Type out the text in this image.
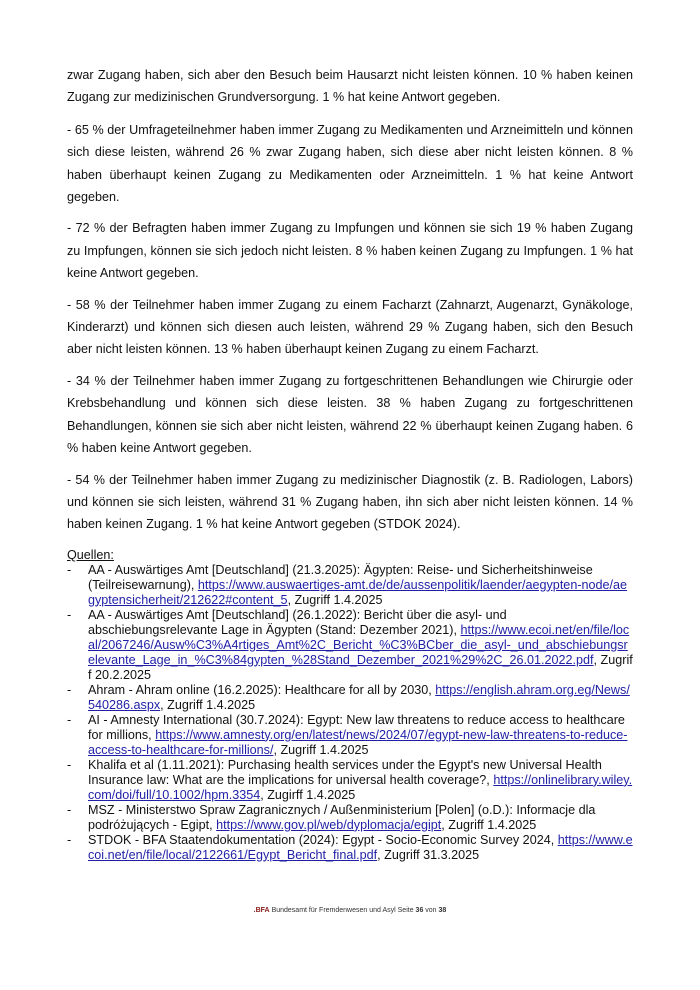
zwar Zugang haben, sich aber den Besuch beim Hausarzt nicht leisten können. 10 % haben keinen Zugang zur medizinischen Grundversorgung. 1 % hat keine Antwort gegeben.

- 65 % der Umfrageteilnehmer haben immer Zugang zu Medikamenten und Arzneimitteln und können sich diese leisten, während 26 % zwar Zugang haben, sich diese aber nicht leisten können. 8 % haben überhaupt keinen Zugang zu Medikamenten oder Arzneimitteln. 1 % hat keine Antwort gegeben.

- 72 % der Befragten haben immer Zugang zu Impfungen und können sie sich 19 % haben Zugang zu Impfungen, können sie sich jedoch nicht leisten. 8 % haben keinen Zugang zu Impfungen. 1 % hat keine Antwort gegeben.

- 58 % der Teilnehmer haben immer Zugang zu einem Facharzt (Zahnarzt, Augenarzt, Gynäkologe, Kinderarzt) und können sich diesen auch leisten, während 29 % Zugang haben, sich den Besuch aber nicht leisten können. 13 % haben überhaupt keinen Zugang zu einem Facharzt.

- 34 % der Teilnehmer haben immer Zugang zu fortgeschrittenen Behandlungen wie Chirurgie oder Krebsbehandlung und können sich diese leisten. 38 % haben Zugang zu fortgeschrittenen Behandlungen, können sie sich aber nicht leisten, während 22 % überhaupt keinen Zugang haben. 6 % haben keine Antwort gegeben.

- 54 % der Teilnehmer haben immer Zugang zu medizinischer Diagnostik (z. B. Radiologen, Labors) und können sie sich leisten, während 31 % Zugang haben, ihn sich aber nicht leisten können. 14 % haben keinen Zugang. 1 % hat keine Antwort gegeben (STDOK 2024).

Quellen:
- AA - Auswärtiges Amt [Deutschland] (21.3.2025): Ägypten: Reise- und Sicherheitshinweise (Teilreisewarnung), https://www.auswaertiges-amt.de/de/aussenpolitik/laender/aegypten-node/aegyptensicherheit/212622#content_5, Zugriff 1.4.2025
- AA - Auswärtiges Amt [Deutschland] (26.1.2022): Bericht über die asyl- und abschiebungsrelevante Lage in Ägypten (Stand: Dezember 2021), https://www.ecoi.net/en/file/local/2067246/Ausw%C3%A4rtiges_Amt%2C_Bericht_%C3%BCber_die_asyl-_und_abschiebungsrelevante_Lage_in_%C3%84gypten_%28Stand_Dezember_2021%29%2C_26.01.2022.pdf, Zugriff 20.2.2025
- Ahram - Ahram online (16.2.2025): Healthcare for all by 2030, https://english.ahram.org.eg/News/540286.aspx, Zugriff 1.4.2025
- AI - Amnesty International (30.7.2024): Egypt: New law threatens to reduce access to healthcare for millions, https://www.amnesty.org/en/latest/news/2024/07/egypt-new-law-threatens-to-reduce-access-to-healthcare-for-millions/, Zugriff 1.4.2025
- Khalifa et al (1.11.2021): Purchasing health services under the Egypt's new Universal Health Insurance law: What are the implications for universal health coverage?, https://onlinelibrary.wiley.com/doi/full/10.1002/hpm.3354, Zugirff 1.4.2025
- MSZ - Ministerstwo Spraw Zagranicznych / Außenministerium [Polen] (o.D.): Informacje dla podróżujących - Egipt, https://www.gov.pl/web/dyplomacja/egipt, Zugriff 1.4.2025
- STDOK - BFA Staatendokumentation (2024): Egypt - Socio-Economic Survey 2024, https://www.ecoi.net/en/file/local/2122661/Egypt_Bericht_final.pdf, Zugriff 31.3.2025
.BFA Bundesamt für Fremdenwesen und Asyl Seite 36 von 38
